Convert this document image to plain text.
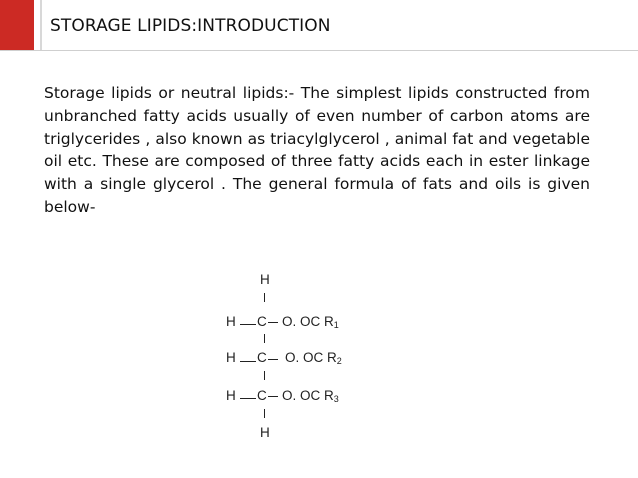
STORAGE LIPIDS:INTRODUCTION
Storage lipids or neutral lipids:- The simplest lipids constructed from unbranched fatty acids usually of even number of carbon atoms are triglycerides , also known as triacylglycerol , animal fat and vegetable oil etc. These are composed of three fatty acids each in ester linkage with a single glycerol . The general formula of fats and oils is given below-
H
H C O. OC $R_1$
H C O. OC $R_2$
H C O. OC $R_3$
H
